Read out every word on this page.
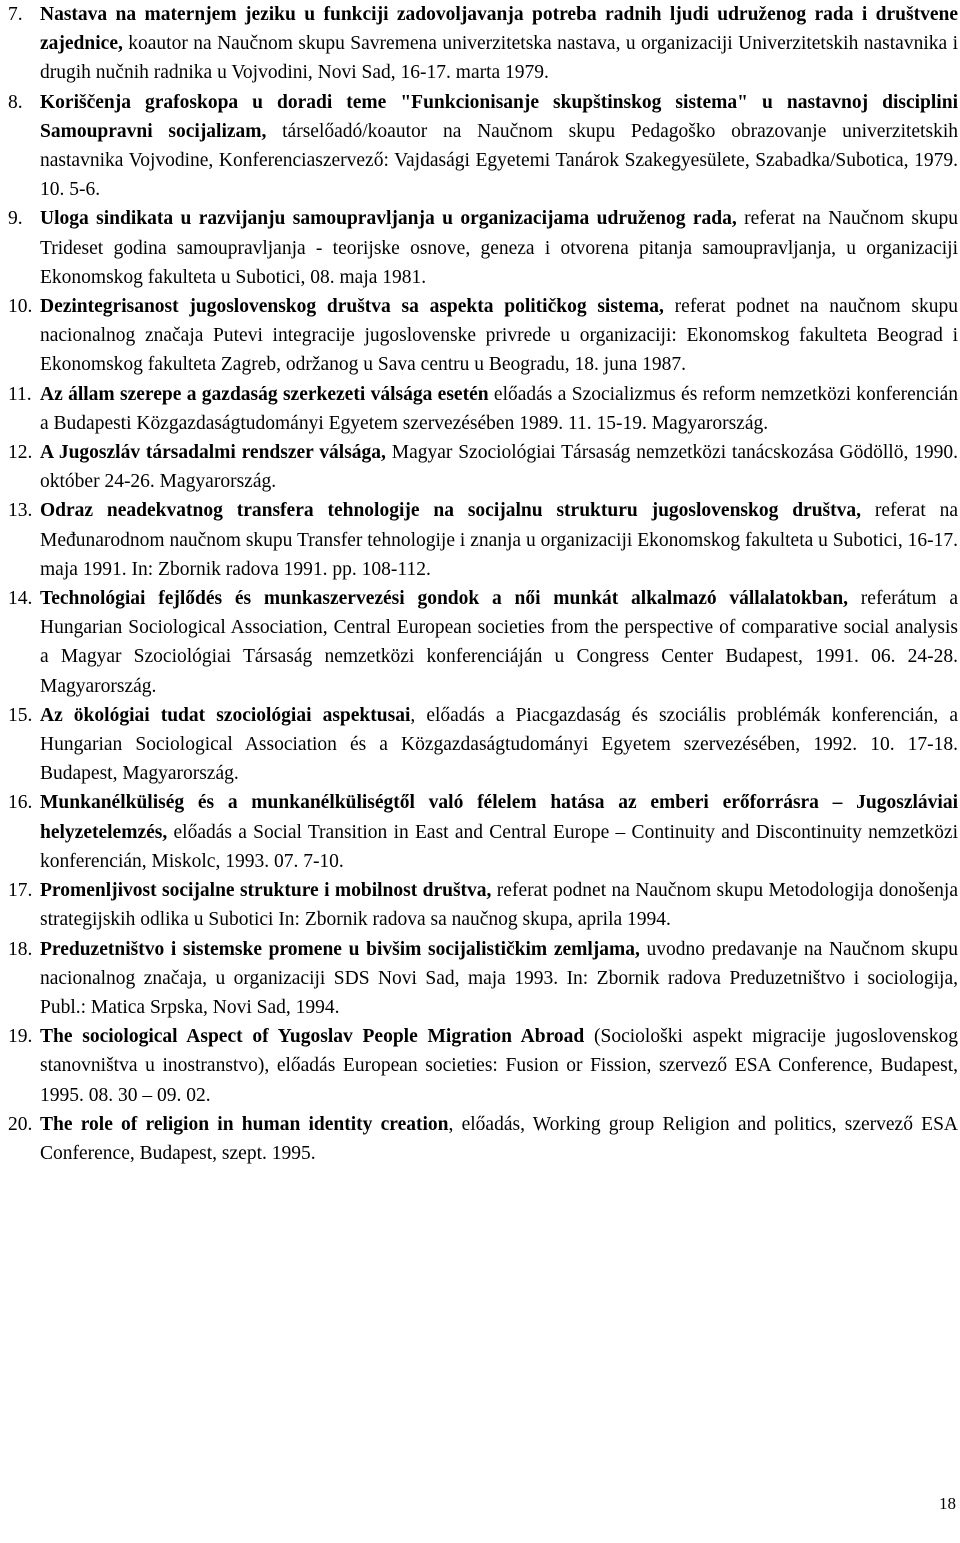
7. Nastava na maternjem jeziku u funkciji zadovoljavanja potreba radnih ljudi udruženog rada i društvene zajednice, koautor na Naučnom skupu Savremena univerzitetska nastava, u organizaciji Univerzitetskih nastavnika i drugih nučnih radnika u Vojvodini, Novi Sad, 16-17. marta 1979.
8. Koriščenja grafoskopa u doradi teme "Funkcionisanje skupštinskog sistema" u nastavnoj disciplini Samoupravni socijalizam, társelőadó/koautor na Naučnom skupu Pedagoško obrazovanje univerzitetskih nastavnika Vojvodine, Konferenciaszervező: Vajdasági Egyetemi Tanárok Szakegyesülete, Szabadka/Subotica, 1979. 10. 5-6.
9. Uloga sindikata u razvijanju samoupravljanja u organizacijama udruženog rada, referat na Naučnom skupu Trideset godina samoupravljanja - teorijske osnove, geneza i otvorena pitanja samoupravljanja, u organizaciji Ekonomskog fakulteta u Subotici, 08. maja 1981.
10. Dezintegrisanost jugoslovenskog društva sa aspekta političkog sistema, referat podnet na naučnom skupu nacionalnog značaja Putevi integracije jugoslovenske privrede u organizaciji: Ekonomskog fakulteta Beograd i Ekonomskog fakulteta Zagreb, održanog u Sava centru u Beogradu, 18. juna 1987.
11. Az állam szerepe a gazdaság szerkezeti válsága esetén előadás a Szocializmus és reform nemzetközi konferencián a Budapesti Közgazdaságtudományi Egyetem szervezésében 1989. 11. 15-19. Magyarország.
12. A Jugoszláv társadalmi rendszer válsága, Magyar Szociológiai Társaság nemzetközi tanácskozása Gödöllö, 1990. október 24-26. Magyarország.
13. Odraz neadekvatnog transfera tehnologije na socijalnu strukturu jugoslovenskog društva, referat na Međunarodnom naučnom skupu Transfer tehnologije i znanja u organizaciji Ekonomskog fakulteta u Subotici, 16-17. maja 1991. In: Zbornik radova 1991. pp. 108-112.
14. Technológiai fejlődés és munkaszervezési gondok a női munkát alkalmazó vállalatokban, referátum a Hungarian Sociological Association, Central European societies from the perspective of comparative social analysis a Magyar Szociológiai Társaság nemzetközi konferenciáján u Congress Center Budapest, 1991. 06. 24-28. Magyarország.
15. Az ökológiai tudat szociológiai aspektusai, előadás a Piacgazdaság és szociális problémák konferencián, a Hungarian Sociological Association és a Közgazdaságtudományi Egyetem szervezésében, 1992. 10. 17-18. Budapest, Magyarország.
16. Munkanélküliség és a munkanélküliségtől való félelem hatása az emberi erőforrásra – Jugoszláviai helyzetelemzés, előadás a Social Transition in East and Central Europe – Continuity and Discontinuity nemzetközi konferencián, Miskolc, 1993. 07. 7-10.
17. Promenljivost socijalne strukture i mobilnost društva, referat podnet na Naučnom skupu Metodologija donošenja strategijskih odlika u Subotici In: Zbornik radova sa naučnog skupa, aprila 1994.
18. Preduzetništvo i sistemske promene u bivšim socijalističkim zemljama, uvodno predavanje na Naučnom skupu nacionalnog značaja, u organizaciji SDS Novi Sad, maja 1993. In: Zbornik radova Preduzetništvo i sociologija, Publ.: Matica Srpska, Novi Sad, 1994.
19. The sociological Aspect of Yugoslav People Migration Abroad (Sociološki aspekt migracije jugoslovenskog stanovništva u inostranstvo), előadás European societies: Fusion or Fission, szervező ESA Conference, Budapest, 1995. 08. 30 – 09. 02.
20. The role of religion in human identity creation, előadás, Working group Religion and politics, szervező ESA Conference, Budapest, szept. 1995.
18
